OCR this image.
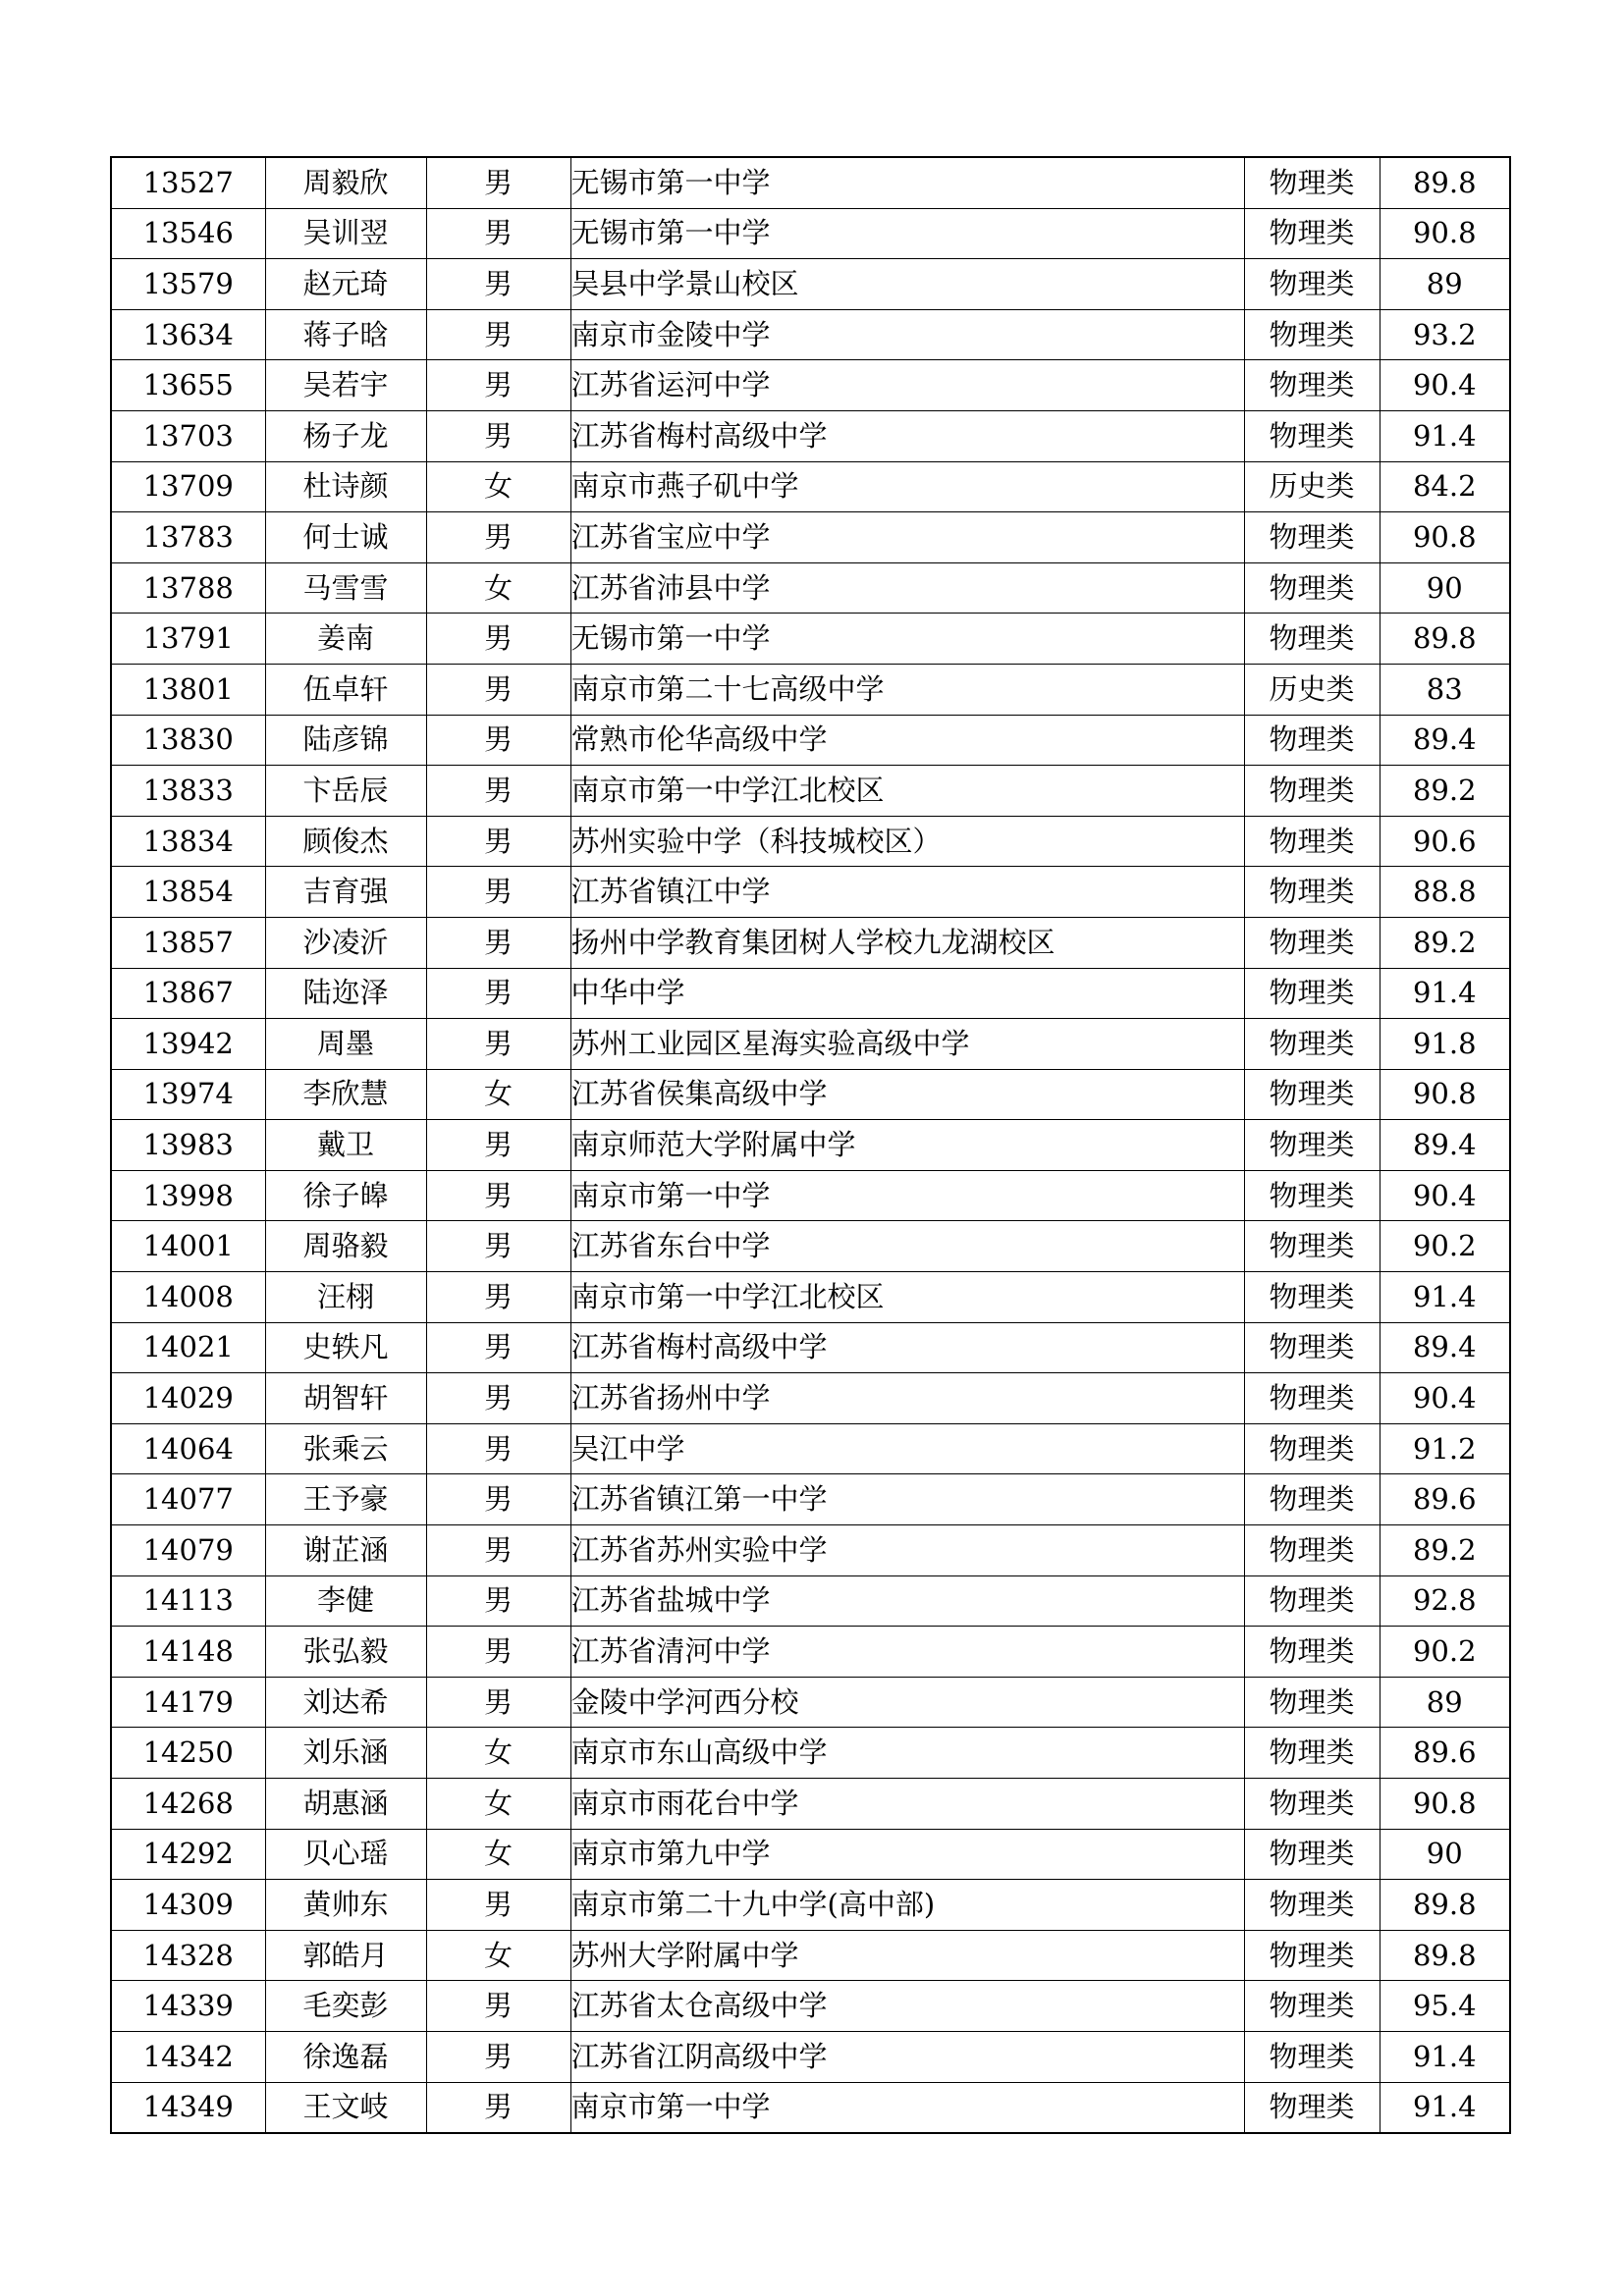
13527	周毅欣	男	无锡市第一中学	物理类	89.8
13546	吴训翌	男	无锡市第一中学	物理类	90.8
13579	赵元琦	男	吴县中学景山校区	物理类	89
13634	蒋子晗	男	南京市金陵中学	物理类	93.2
13655	吴若宇	男	江苏省运河中学	物理类	90.4
13703	杨子龙	男	江苏省梅村高级中学	物理类	91.4
13709	杜诗颜	女	南京市燕子矶中学	历史类	84.2
13783	何士诚	男	江苏省宝应中学	物理类	90.8
13788	马雪雪	女	江苏省沛县中学	物理类	90
13791	姜南	男	无锡市第一中学	物理类	89.8
13801	伍卓轩	男	南京市第二十七高级中学	历史类	83
13830	陆彦锦	男	常熟市伦华高级中学	物理类	89.4
13833	卞岳辰	男	南京市第一中学江北校区	物理类	89.2
13834	顾俊杰	男	苏州实验中学（科技城校区）	物理类	90.6
13854	吉育强	男	江苏省镇江中学	物理类	88.8
13857	沙凌沂	男	扬州中学教育集团树人学校九龙湖校区	物理类	89.2
13867	陆迩泽	男	中华中学	物理类	91.4
13942	周墨	男	苏州工业园区星海实验高级中学	物理类	91.8
13974	李欣慧	女	江苏省侯集高级中学	物理类	90.8
13983	戴卫	男	南京师范大学附属中学	物理类	89.4
13998	徐子皞	男	南京市第一中学	物理类	90.4
14001	周骆毅	男	江苏省东台中学	物理类	90.2
14008	汪栩	男	南京市第一中学江北校区	物理类	91.4
14021	史轶凡	男	江苏省梅村高级中学	物理类	89.4
14029	胡智轩	男	江苏省扬州中学	物理类	90.4
14064	张乘云	男	吴江中学	物理类	91.2
14077	王予豪	男	江苏省镇江第一中学	物理类	89.6
14079	谢芷涵	男	江苏省苏州实验中学	物理类	89.2
14113	李健	男	江苏省盐城中学	物理类	92.8
14148	张弘毅	男	江苏省清河中学	物理类	90.2
14179	刘达希	男	金陵中学河西分校	物理类	89
14250	刘乐涵	女	南京市东山高级中学	物理类	89.6
14268	胡惠涵	女	南京市雨花台中学	物理类	90.8
14292	贝心瑶	女	南京市第九中学	物理类	90
14309	黄帅东	男	南京市第二十九中学(高中部)	物理类	89.8
14328	郭皓月	女	苏州大学附属中学	物理类	89.8
14339	毛奕彭	男	江苏省太仓高级中学	物理类	95.4
14342	徐逸磊	男	江苏省江阴高级中学	物理类	91.4
14349	王文岐	男	南京市第一中学	物理类	91.4
